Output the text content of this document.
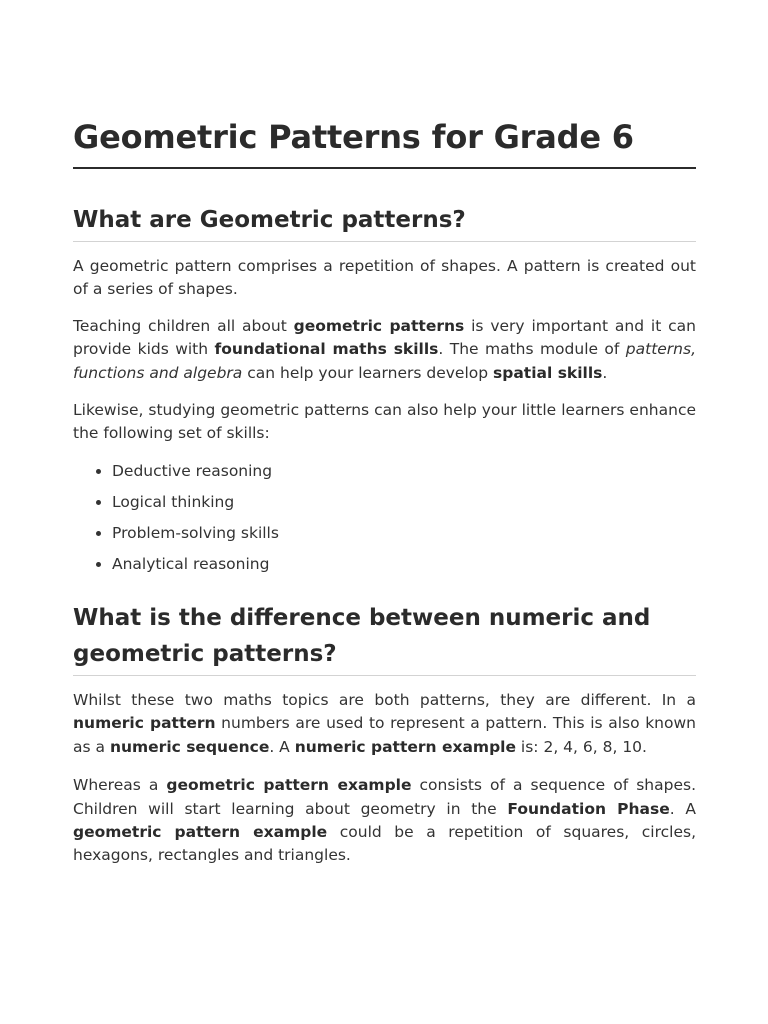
Geometric Patterns for Grade 6
What are Geometric patterns?

A geometric pattern comprises a repetition of shapes. A pattern is created out of a series of shapes.

Teaching children all about geometric patterns is very important and it can provide kids with foundational maths skills. The maths module of patterns, functions and algebra can help your learners develop spatial skills.

Likewise, studying geometric patterns can also help your little learners enhance the following set of skills:

• Deductive reasoning
• Logical thinking
• Problem-solving skills
• Analytical reasoning
What is the difference between numeric and geometric patterns?

Whilst these two maths topics are both patterns, they are different. In a numeric pattern numbers are used to represent a pattern. This is also known as a numeric sequence. A numeric pattern example is: 2, 4, 6, 8, 10.

Whereas a geometric pattern example consists of a sequence of shapes. Children will start learning about geometry in the Foundation Phase. A geometric pattern example could be a repetition of squares, circles, hexagons, rectangles and triangles.
